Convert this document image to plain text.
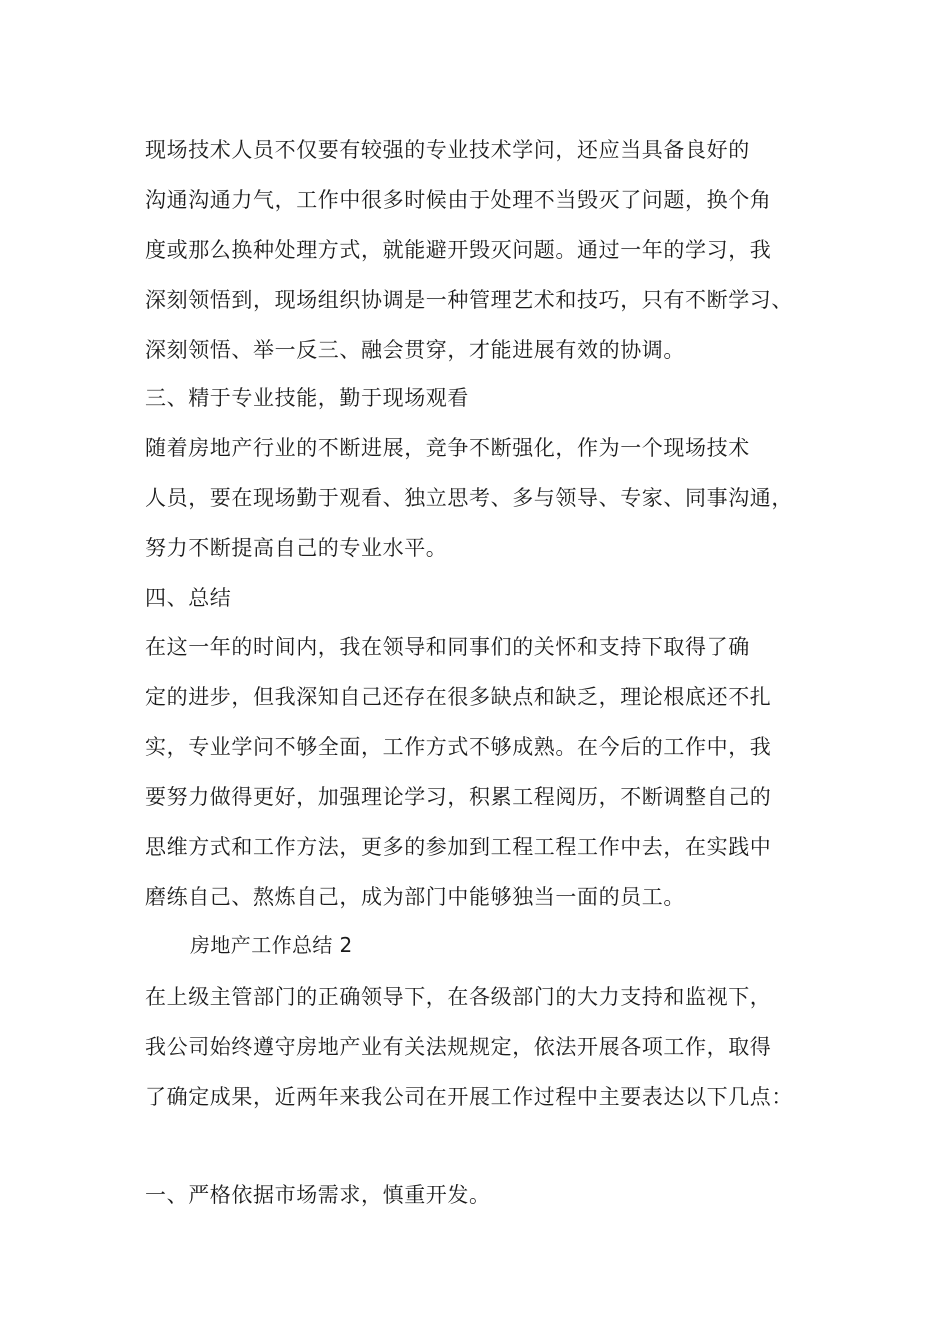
现场技术人员不仅要有较强的专业技术学问，还应当具备良好的
沟通沟通力气，工作中很多时候由于处理不当毁灭了问题，换个角
度或那么换种处理方式，就能避开毁灭问题。通过一年的学习，我
深刻领悟到，现场组织协调是一种管理艺术和技巧，只有不断学习、
深刻领悟、举一反三、融会贯穿，才能进展有效的协调。
三、精于专业技能，勤于现场观看
随着房地产行业的不断进展，竞争不断强化，作为一个现场技术
人员，要在现场勤于观看、独立思考、多与领导、专家、同事沟通，
努力不断提高自己的专业水平。
四、总结
在这一年的时间内，我在领导和同事们的关怀和支持下取得了确
定的进步，但我深知自己还存在很多缺点和缺乏，理论根底还不扎
实，专业学问不够全面，工作方式不够成熟。在今后的工作中，我
要努力做得更好，加强理论学习，积累工程阅历，不断调整自己的
思维方式和工作方法，更多的参加到工程工程工作中去，在实践中
磨练自己、熬炼自己，成为部门中能够独当一面的员工。
房地产工作总结 2
在上级主管部门的正确领导下，在各级部门的大力支持和监视下，
我公司始终遵守房地产业有关法规规定，依法开展各项工作，取得
了确定成果，近两年来我公司在开展工作过程中主要表达以下几点：
一、严格依据市场需求，慎重开发。
